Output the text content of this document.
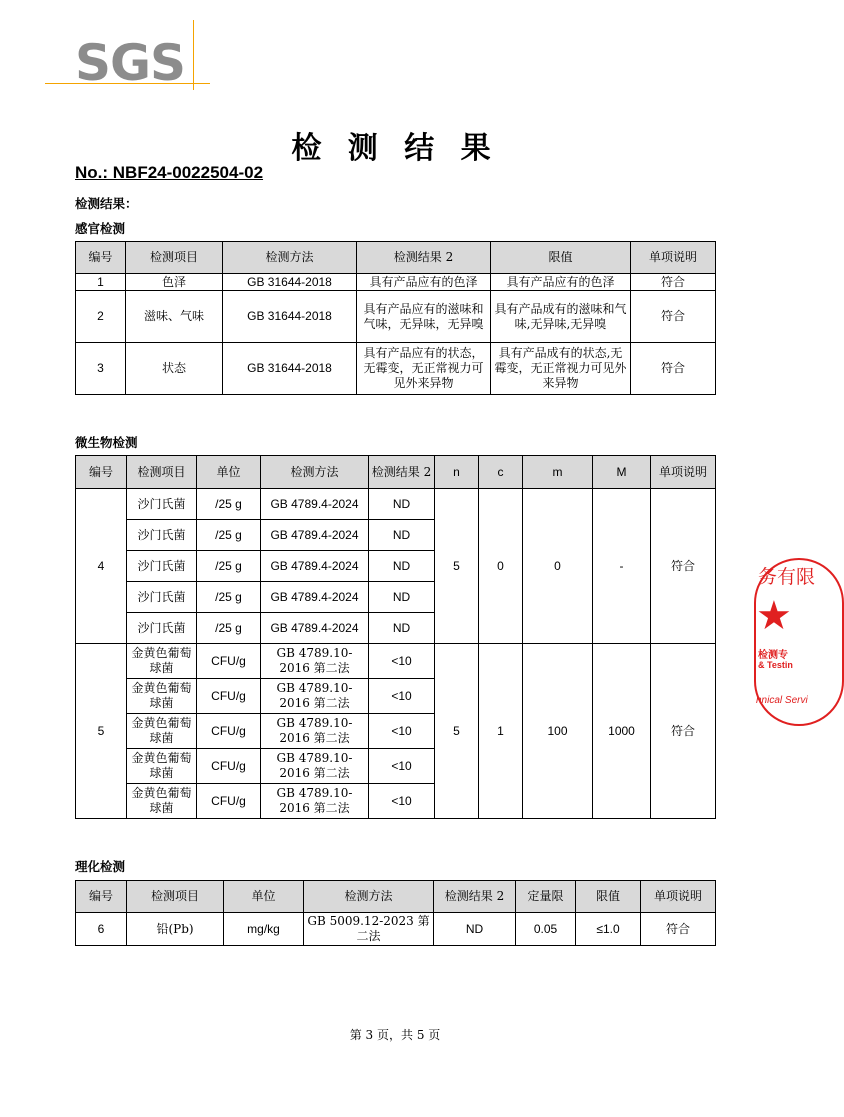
SGS
检 测 结 果
No.: NBF24-0022504-02
检测结果：
感官检测
编号	检测项目	检测方法	检测结果 2	限值	单项说明
1	色泽	GB 31644-2018	具有产品应有的色泽	具有产品应有的色泽	符合
2	滋味、气味	GB 31644-2018	具有产品应有的滋味和气味，无异味，无异嗅	具有产品成有的滋味和气味,无异味,无异嗅	符合
3	状态	GB 31644-2018	具有产品应有的状态，无霉变，无正常视力可见外来异物	具有产品成有的状态,无霉变，无正常视力可见外来异物	符合
微生物检测
编号	检测项目	单位	检测方法	检测结果 2	n	c	m	M	单项说明
4	沙门氏菌	/25 g	GB 4789.4-2024	ND	5	0	0	-	符合
	沙门氏菌	/25 g	GB 4789.4-2024	ND					
	沙门氏菌	/25 g	GB 4789.4-2024	ND					
	沙门氏菌	/25 g	GB 4789.4-2024	ND					
	沙门氏菌	/25 g	GB 4789.4-2024	ND					
5	金黄色葡萄球菌	CFU/g	GB 4789.10-2016 第二法	<10	5	1	100	1000	符合
	金黄色葡萄球菌	CFU/g	GB 4789.10-2016 第二法	<10					
	金黄色葡萄球菌	CFU/g	GB 4789.10-2016 第二法	<10					
	金黄色葡萄球菌	CFU/g	GB 4789.10-2016 第二法	<10					
	金黄色葡萄球菌	CFU/g	GB 4789.10-2016 第二法	<10					
理化检测
编号	检测项目	单位	检测方法	检测结果 2	定量限	限值	单项说明
6	铅(Pb)	mg/kg	GB 5009.12-2023 第二法	ND	0.05	≤1.0	符合
务有限
★
检测专
& Testin
hnical Servi
第 3 页，共 5 页
